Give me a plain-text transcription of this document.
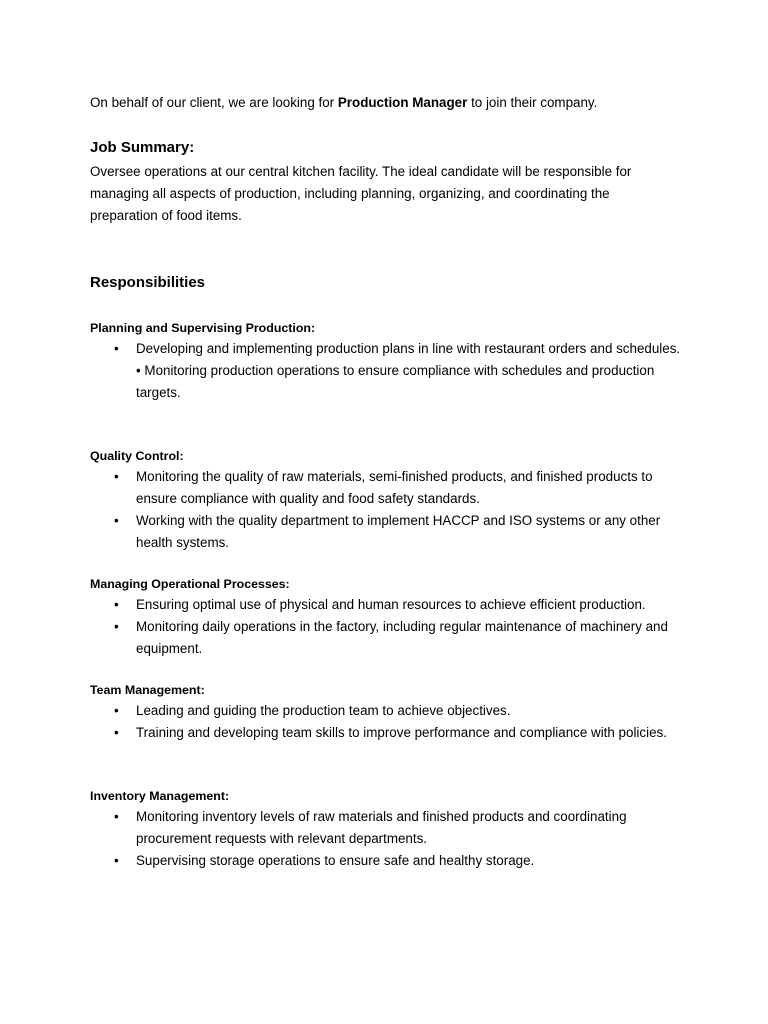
On behalf of our client, we are looking for Production Manager to join their company.
Job Summary:
Oversee operations at our central kitchen facility. The ideal candidate will be responsible for managing all aspects of production, including planning, organizing, and coordinating the preparation of food items.
Responsibilities
Planning and Supervising Production:
• Developing and implementing production plans in line with restaurant orders and schedules.
• Monitoring production operations to ensure compliance with schedules and production targets.
Quality Control:
• Monitoring the quality of raw materials, semi-finished products, and finished products to ensure compliance with quality and food safety standards.
• Working with the quality department to implement HACCP and ISO systems or any other health systems.
Managing Operational Processes:
• Ensuring optimal use of physical and human resources to achieve efficient production.
• Monitoring daily operations in the factory, including regular maintenance of machinery and equipment.
Team Management:
• Leading and guiding the production team to achieve objectives.
• Training and developing team skills to improve performance and compliance with policies.
Inventory Management:
• Monitoring inventory levels of raw materials and finished products and coordinating procurement requests with relevant departments.
• Supervising storage operations to ensure safe and healthy storage.
